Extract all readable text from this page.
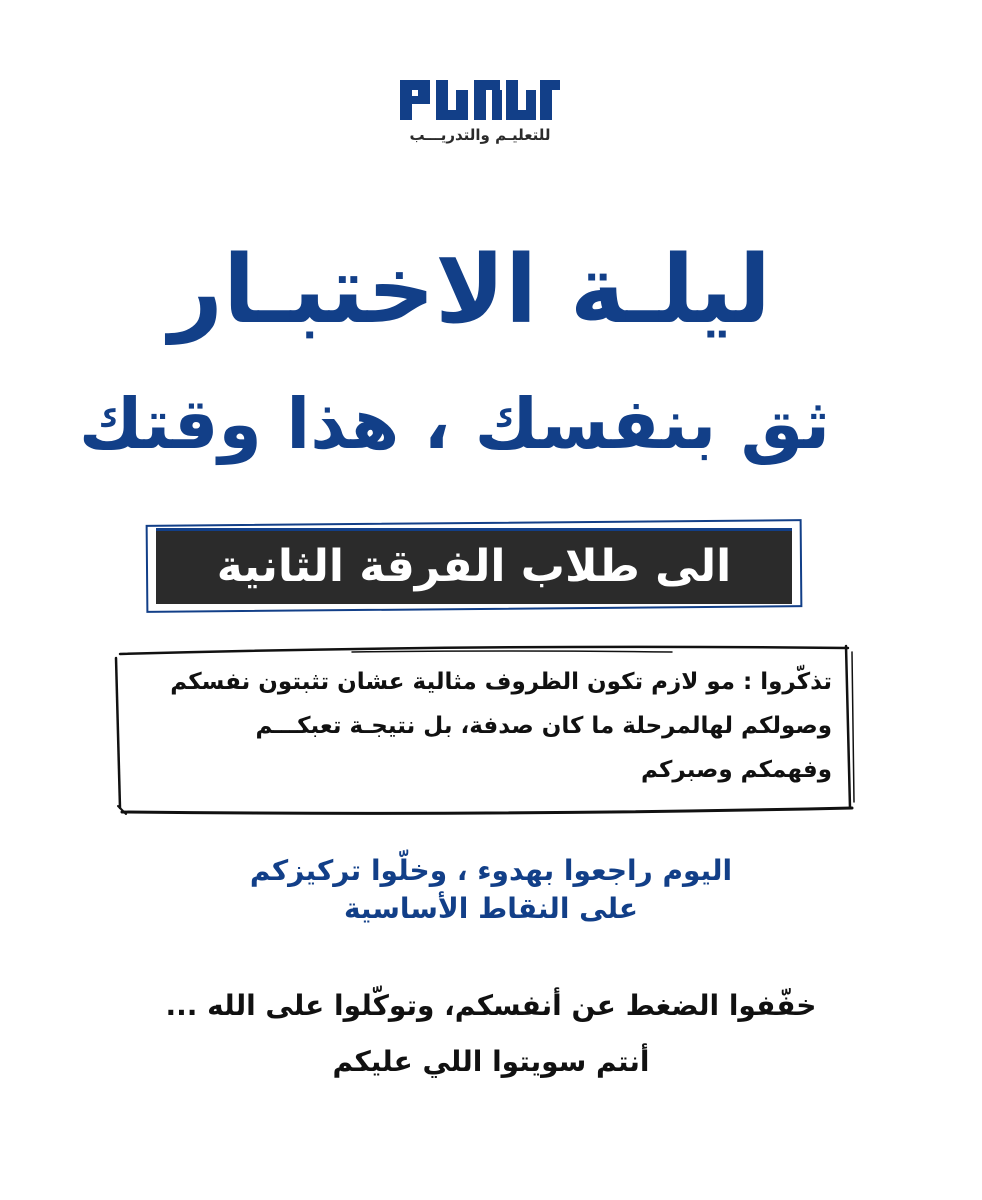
للتعليـم والتدريـــب
ليلـة الاختبـار
ثق بنفسك ، هذا وقتك
الى طلاب الفرقة الثانية
تذكّروا : مو لازم تكون الظروف مثالية عشان تثبتون نفسكم
وصولكم لهالمرحلة ما كان صدفة، بل نتيجـة تعبكـــم
وفهمكم وصبركم
اليوم راجعوا بهدوء ، وخلّوا تركيزكم
على النقاط الأساسية
خفّفوا الضغط عن أنفسكم، وتوكّلوا على الله ...
أنتم سويتوا اللي عليكم
